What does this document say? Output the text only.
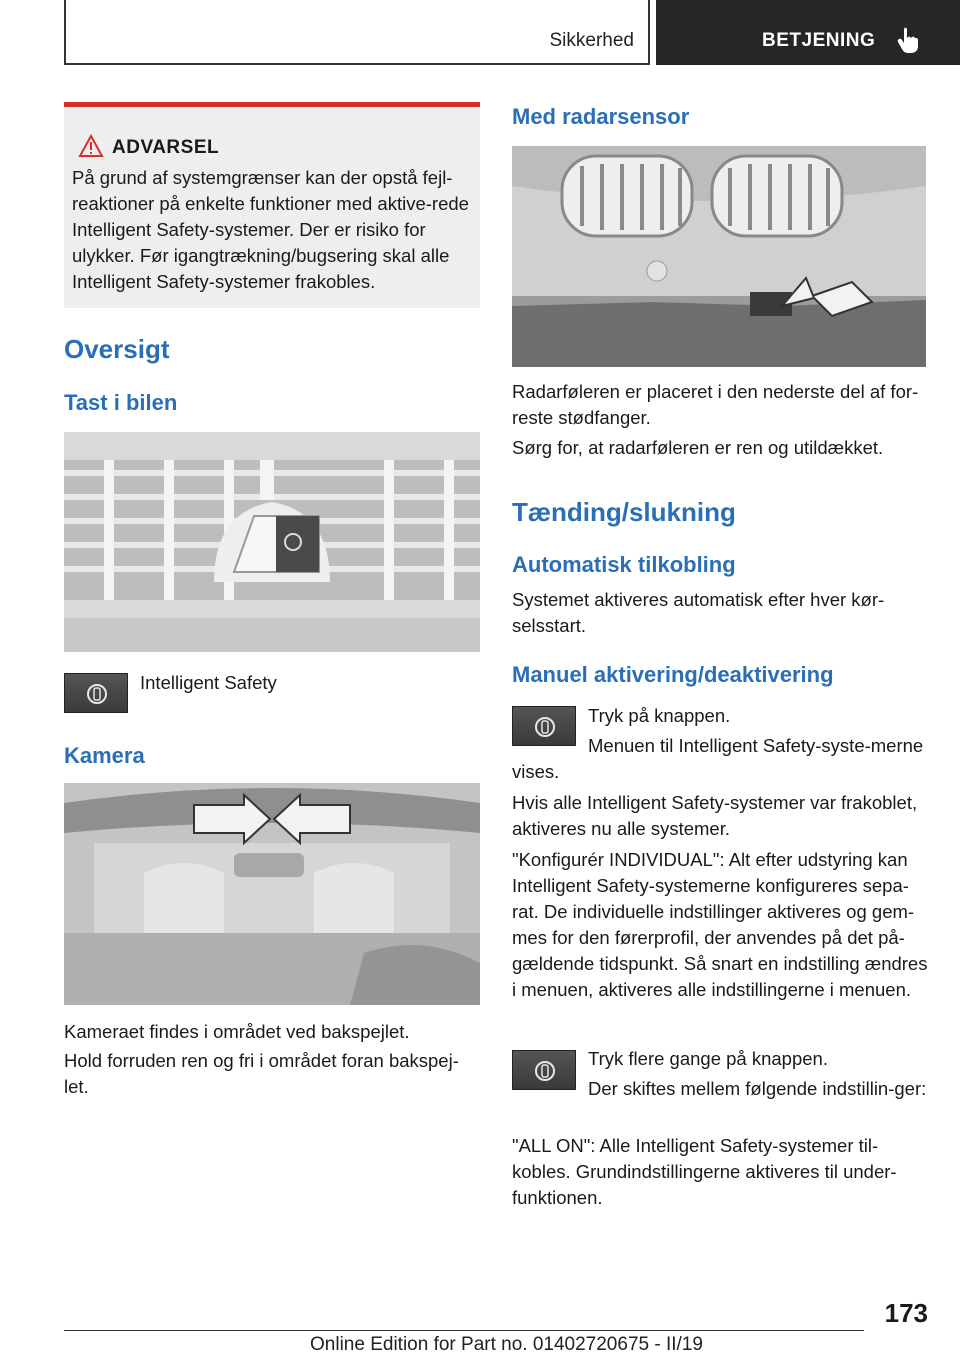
Sikkerhed	BETJENING
ADVARSEL
På grund af systemgrænser kan der opstå fejl-reaktioner på enkelte funktioner med aktive-rede Intelligent Safety-systemer. Der er risiko for ulykker. Før igangtrækning/bugsering skal alle Intelligent Safety-systemer frakobles.
Oversigt
Tast i bilen
Intelligent Safety
Kamera
Kameraet findes i området ved bakspejlet.
Hold forruden ren og fri i området foran bakspej-let.
Med radarsensor
Radarføleren er placeret i den nederste del af for-reste stødfanger.
Sørg for, at radarføleren er ren og utildækket.
Tænding/slukning
Automatisk tilkobling
Systemet aktiveres automatisk efter hver kør-selsstart.
Manuel aktivering/deaktivering
Tryk på knappen.
Menuen til Intelligent Safety-syste-merne vises.
Hvis alle Intelligent Safety-systemer var frakoblet, aktiveres nu alle systemer.
"Konfigurér INDIVIDUAL": Alt efter udstyring kan Intelligent Safety-systemerne konfigureres sepa-rat. De individuelle indstillinger aktiveres og gem-mes for den førerprofil, der anvendes på det på-gældende tidspunkt. Så snart en indstilling ændres i menuen, aktiveres alle indstillingerne i menuen.
Tryk flere gange på knappen.
Der skiftes mellem følgende indstillin-ger:
"ALL ON": Alle Intelligent Safety-systemer til-kobles. Grundindstillingerne aktiveres til under-funktionen.
173
Online Edition for Part no. 01402720675 - II/19
